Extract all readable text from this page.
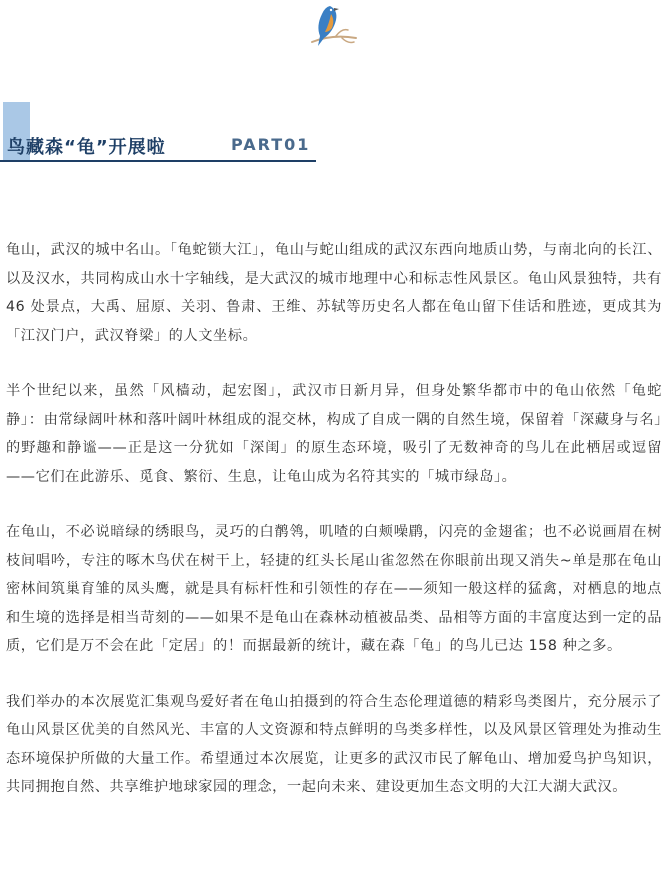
鸟藏森“龟”开展啦	PART01

龟山，武汉的城中名山。「龟蛇锁大江」，龟山与蛇山组成的武汉东西向地质山势，与南北向的长江、以及汉水，共同构成山水十字轴线，是大武汉的城市地理中心和标志性风景区。龟山风景独特，共有 46 处景点，大禹、屈原、关羽、鲁肃、王维、苏轼等历史名人都在龟山留下佳话和胜迹，更成其为「江汉门户，武汉脊梁」的人文坐标。

半个世纪以来，虽然「风樯动，起宏图」，武汉市日新月异，但身处繁华都市中的龟山依然「龟蛇静」：由常绿阔叶林和落叶阔叶林组成的混交林，构成了自成一隅的自然生境，保留着「深藏身与名」的野趣和静谧——正是这一分犹如「深闺」的原生态环境，吸引了无数神奇的鸟儿在此栖居或逗留——它们在此游乐、觅食、繁衍、生息，让龟山成为名符其实的「城市绿岛」。

在龟山，不必说暗绿的绣眼鸟，灵巧的白鹡鸰，叽喳的白颊噪鹛，闪亮的金翅雀；也不必说画眉在树枝间唱吟，专注的啄木鸟伏在树干上，轻捷的红头长尾山雀忽然在你眼前出现又消失~单是那在龟山密林间筑巢育雏的凤头鹰，就是具有标杆性和引领性的存在——须知一般这样的猛禽，对栖息的地点和生境的选择是相当苛刻的——如果不是龟山在森林动植被品类、品相等方面的丰富度达到一定的品质，它们是万不会在此「定居」的！而据最新的统计，藏在森「龟」的鸟儿已达 158 种之多。

我们举办的本次展览汇集观鸟爱好者在龟山拍摄到的符合生态伦理道德的精彩鸟类图片，充分展示了龟山风景区优美的自然风光、丰富的人文资源和特点鲜明的鸟类多样性，以及风景区管理处为推动生态环境保护所做的大量工作。希望通过本次展览，让更多的武汉市民了解龟山、增加爱鸟护鸟知识，共同拥抱自然、共享维护地球家园的理念，一起向未来、建设更加生态文明的大江大湖大武汉。
